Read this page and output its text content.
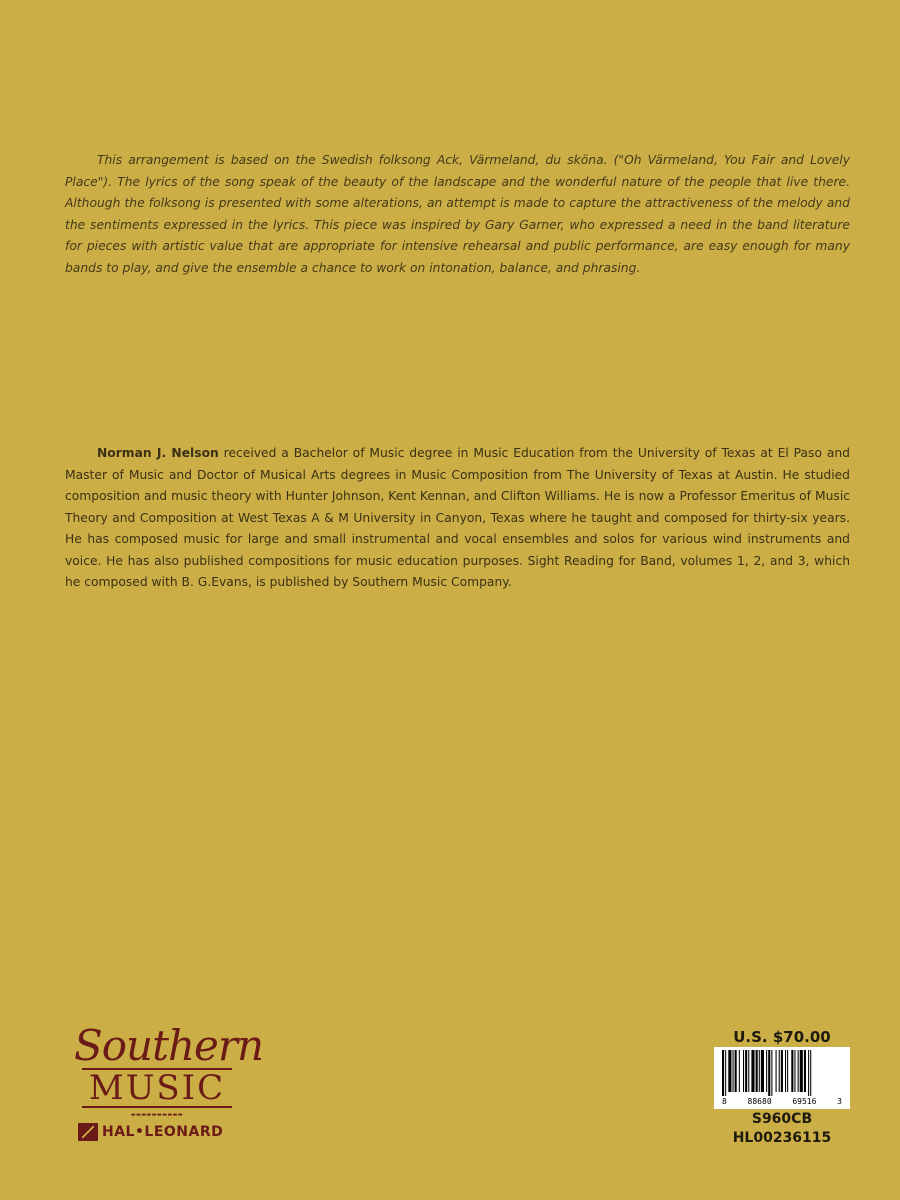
This arrangement is based on the Swedish folksong Ack, Värmeland, du sköna. ("Oh Värmeland, You Fair and Lovely Place"). The lyrics of the song speak of the beauty of the landscape and the wonderful nature of the people that live there. Although the folksong is presented with some alterations, an attempt is made to capture the attractiveness of the melody and the sentiments expressed in the lyrics. This piece was inspired by Gary Garner, who expressed a need in the band literature for pieces with artistic value that are appropriate for intensive rehearsal and public performance, are easy enough for many bands to play, and give the ensemble a chance to work on intonation, balance, and phrasing.

Norman J. Nelson received a Bachelor of Music degree in Music Education from the University of Texas at El Paso and Master of Music and Doctor of Musical Arts degrees in Music Composition from The University of Texas at Austin. He studied composition and music theory with Hunter Johnson, Kent Kennan, and Clifton Williams. He is now a Professor Emeritus of Music Theory and Composition at West Texas A & M University in Canyon, Texas where he taught and composed for thirty-six years. He has composed music for large and small instrumental and vocal ensembles and solos for various wind instruments and voice. He has also published compositions for music education purposes. Sight Reading for Band, volumes 1, 2, and 3, which he composed with B. G.Evans, is published by Southern Music Company.

Southern
MUSIC
▬▬▬▬▬▬▬▬▬▬
HAL•LEONARD
U.S. $70.00
8	88680	69516	3
S960CB
HL00236115
